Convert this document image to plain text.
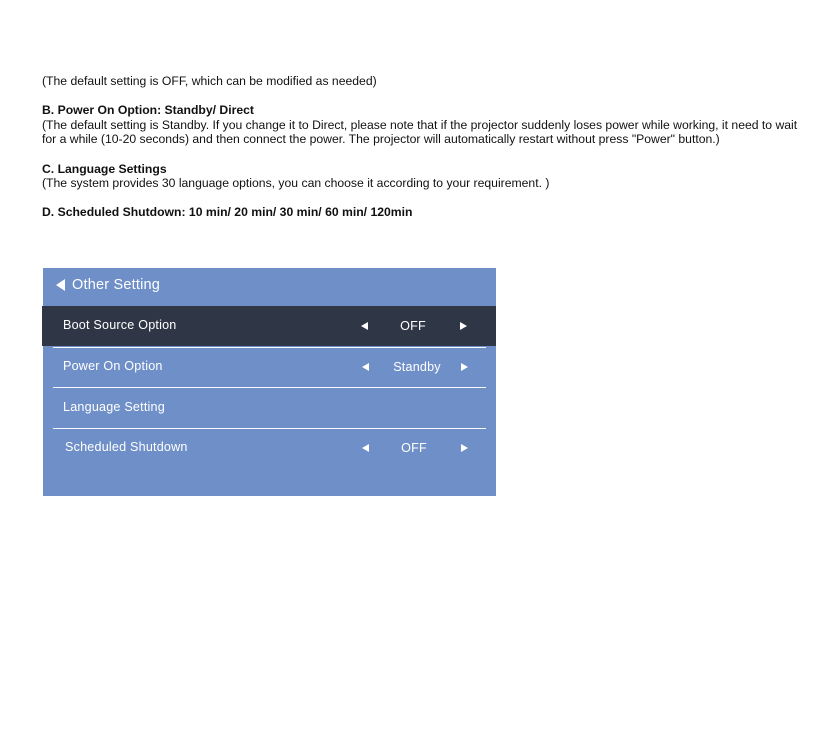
(The default setting is OFF, which can be modified as needed)

B. Power On Option: Standby/ Direct

(The default setting is Standby. If you change it to Direct, please note that if the projector suddenly loses power while working, it need to wait for a while (10-20 seconds) and then connect the power. The projector will automatically restart without press "Power" button.)

C. Language Settings

(The system provides 30 language options, you can choose it according to your requirement. )

D. Scheduled Shutdown: 10 min/ 20 min/ 30 min/ 60 min/ 120min

Other Setting
Boot Source Option	OFF
Power On Option	Standby
Language Setting
Scheduled Shutdown	OFF
